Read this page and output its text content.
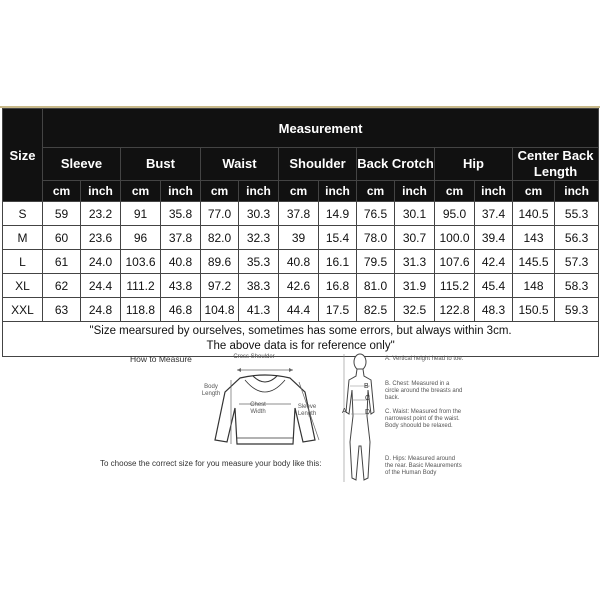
Size	Measurement													
	Sleeve		Bust		Waist		Shoulder		Back Crotch		Hip		Center Back Length	
	cm	inch	cm	inch	cm	inch	cm	inch	cm	inch	cm	inch	cm	inch
S	59	23.2	91	35.8	77.0	30.3	37.8	14.9	76.5	30.1	95.0	37.4	140.5	55.3
M	60	23.6	96	37.8	82.0	32.3	39	15.4	78.0	30.7	100.0	39.4	143	56.3
L	61	24.0	103.6	40.8	89.6	35.3	40.8	16.1	79.5	31.3	107.6	42.4	145.5	57.3
XL	62	24.4	111.2	43.8	97.2	38.3	42.6	16.8	81.0	31.9	115.2	45.4	148	58.3
XXL	63	24.8	118.8	46.8	104.8	41.3	44.4	17.5	82.5	32.5	122.8	48.3	150.5	59.3

"Size mearsured by ourselves, sometimes has some errors, but always within 3cm.
The above data is for reference only"														
How to Measure	Cross Shoulder
Body Length
Chest Width
Sleeve Length
To choose the correct size for you measure your body like this:
A
B
C
D
A. Vertical height head to toe.
B. Chest: Measured in a circle around the breasts and back.
C. Waist: Measured from the narrowest point of the waist. Body shoould be relaxed.
D. Hips: Measured around the rear. Basic Meaurements of the Human Body
